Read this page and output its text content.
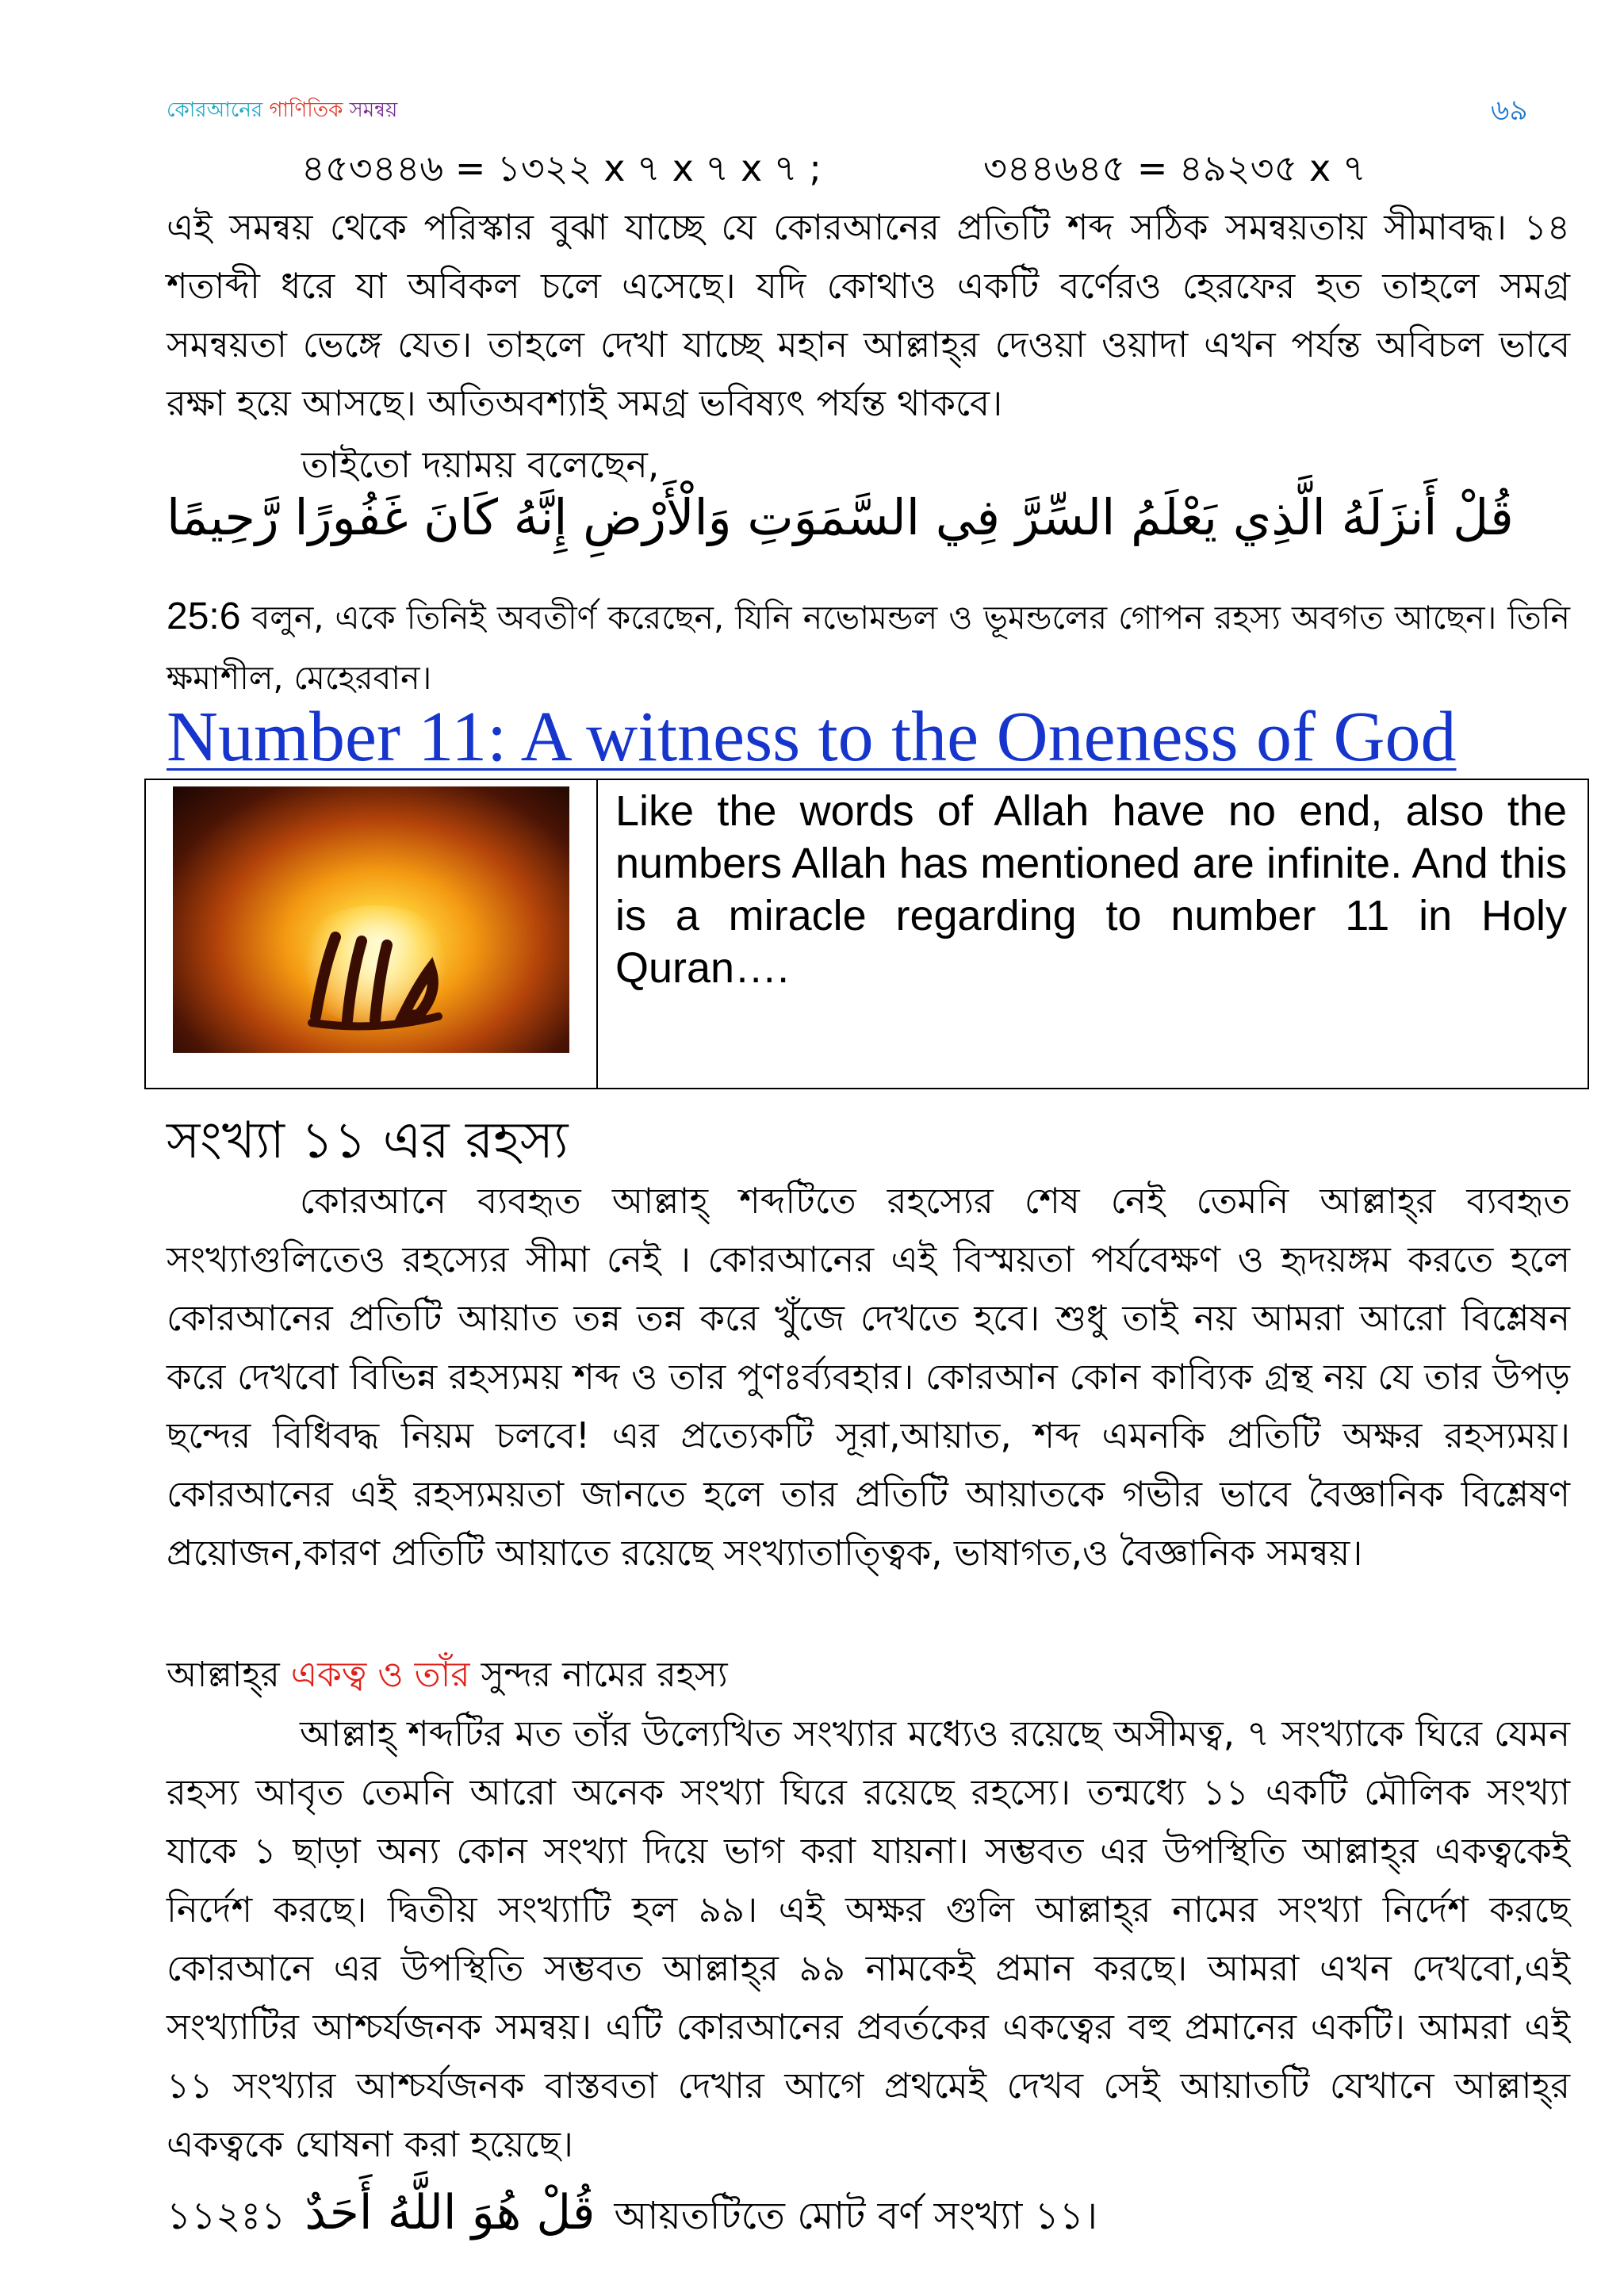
কোরআনের গাণিতিক সমন্বয়	৬৯
৪৫৩৪৪৬ = ১৩২২ x ৭ x ৭ x ৭ ;	৩৪৪৬৪৫ = ৪৯২৩৫ x ৭

এই সমন্বয় থেকে পরিস্কার বুঝা যাচ্ছে যে কোরআনের প্রতিটি শব্দ সঠিক সমন্বয়তায় সীমাবদ্ধ। ১৪ শতাব্দী ধরে যা অবিকল চলে এসেছে। যদি কোথাও একটি বর্ণেরও হেরফের হত তাহলে সমগ্র সমন্বয়তা ভেঙ্গে যেত। তাহলে দেখা যাচ্ছে মহান আল্লাহ্‌র দেওয়া ওয়াদা এখন পর্যন্ত অবিচল ভাবে রক্ষা হয়ে আসছে। অতিঅবশ্যাই সমগ্র ভবিষ্যৎ পর্যন্ত থাকবে।

তাইতো দয়াময় বলেছেন,
قُلْ أَنزَلَهُ الَّذِي يَعْلَمُ السِّرَّ فِي السَّمَوَتِ وَالْأَرْضِ إِنَّهُ كَانَ غَفُورًا رَّحِيمًا

25:6 বলুন, একে তিনিই অবতীর্ণ করেছেন, যিনি নভোমন্ডল ও ভূমন্ডলের গোপন রহস্য অবগত আছেন। তিনি ক্ষমাশীল, মেহেরবান।

Number 11: A witness to the Oneness of God
Like the words of Allah have no end, also the numbers Allah has mentioned are infinite. And this is a miracle regarding to number 11 in Holy Quran….
সংখ্যা ১১ এর রহস্য

কোরআনে ব্যবহৃত আল্লাহ্‌ শব্দটিতে রহস্যের শেষ নেই তেমনি আল্লাহ্‌র ব্যবহৃত সংখ্যাগুলিতেও রহস্যের সীমা নেই । কোরআনের এই বিস্ময়তা পর্যবেক্ষণ ও হৃদয়ঙ্গম করতে হলে কোরআনের প্রতিটি আয়াত তন্ন তন্ন করে খুঁজে দেখতে হবে। শুধু তাই নয় আমরা আরো বিশ্লেষন করে দেখবো বিভিন্ন রহস্যময় শব্দ ও তার পুণঃর্ব্যবহার। কোরআন কোন কাব্যিক গ্রন্থ নয় যে তার উপড় ছন্দের বিধিবদ্ধ নিয়ম চলবে! এর প্রত্যেকটি সূরা,আয়াত, শব্দ এমনকি প্রতিটি অক্ষর রহস্যময়। কোরআনের এই রহস্যময়তা জানতে হলে তার প্রতিটি আয়াতকে গভীর ভাবে বৈজ্ঞানিক বিশ্লেষণ প্রয়োজন,কারণ প্রতিটি আয়াতে রয়েছে সংখ্যাতাত্ত্বিক, ভাষাগত,ও বৈজ্ঞানিক সমন্বয়।

আল্লাহ্‌র একত্ব ও তাঁর সুন্দর নামের রহস্য

আল্লাহ্‌ শব্দটির মত তাঁর উল্যেখিত সংখ্যার মধ্যেও রয়েছে অসীমত্ব, ৭ সংখ্যাকে ঘিরে যেমন রহস্য আবৃত তেমনি আরো অনেক সংখ্যা ঘিরে রয়েছে রহস্যে। তন্মধ্যে ১১ একটি মৌলিক সংখ্যা যাকে ১ ছাড়া অন্য কোন সংখ্যা দিয়ে ভাগ করা যায়না। সম্ভবত এর উপস্থিতি আল্লাহ্‌র একত্বকেই নির্দেশ করছে। দ্বিতীয় সংখ্যাটি হল ৯৯। এই অক্ষর গুলি আল্লাহ্‌র নামের সংখ্যা নির্দেশ করছে কোরআনে এর উপস্থিতি সম্ভবত আল্লাহ্‌র ৯৯ নামকেই প্রমান করছে। আমরা এখন দেখবো,এই সংখ্যাটির আশ্চর্যজনক সমন্বয়। এটি কোরআনের প্রবর্তকের একত্বের বহু প্রমানের একটি। আমরা এই ১১ সংখ্যার আশ্চর্যজনক বাস্তবতা দেখার আগে প্রথমেই দেখব সেই আয়াতটি যেখানে আল্লাহ্‌র একত্বকে ঘোষনা করা হয়েছে।

১১২ঃ১ قُلْ هُوَ اللَّهُ أَحَدٌ আয়তটিতে মোট বর্ণ সংখ্যা ১১।
